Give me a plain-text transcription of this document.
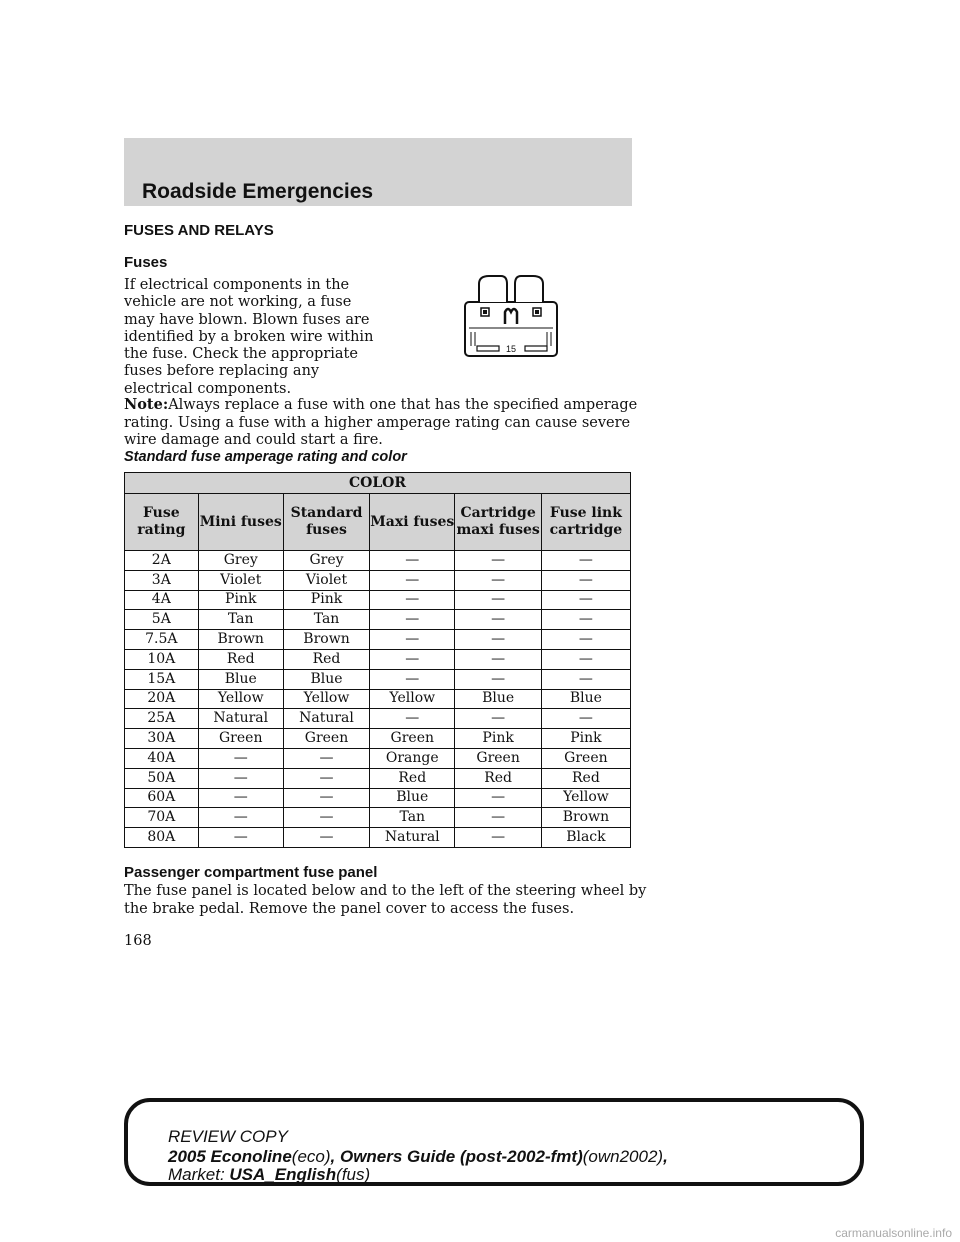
Roadside Emergencies
FUSES AND RELAYS
Fuses
If electrical components in the vehicle are not working, a fuse may have blown. Blown fuses are identified by a broken wire within the fuse. Check the appropriate fuses before replacing any electrical components.
15
Note:Always replace a fuse with one that has the specified amperage rating. Using a fuse with a higher amperage rating can cause severe wire damage and could start a fire.
Standard fuse amperage rating and color
COLOR					
Fuse rating	Mini fuses	Standard fuses	Maxi fuses	Cartridge maxi fuses	Fuse link cartridge
2A	Grey	Grey	—	—	—
3A	Violet	Violet	—	—	—
4A	Pink	Pink	—	—	—
5A	Tan	Tan	—	—	—
7.5A	Brown	Brown	—	—	—
10A	Red	Red	—	—	—
15A	Blue	Blue	—	—	—
20A	Yellow	Yellow	Yellow	Blue	Blue
25A	Natural	Natural	—	—	—
30A	Green	Green	Green	Pink	Pink
40A	—	—	Orange	Green	Green
50A	—	—	Red	Red	Red
60A	—	—	Blue	—	Yellow
70A	—	—	Tan	—	Brown
80A	—	—	Natural	—	Black
Passenger compartment fuse panel
The fuse panel is located below and to the left of the steering wheel by the brake pedal. Remove the panel cover to access the fuses.
168
REVIEW COPY
2005 Econoline(eco), Owners Guide (post-2002-fmt)(own2002),
Market: USA_English(fus)
carmanualsonline.info
